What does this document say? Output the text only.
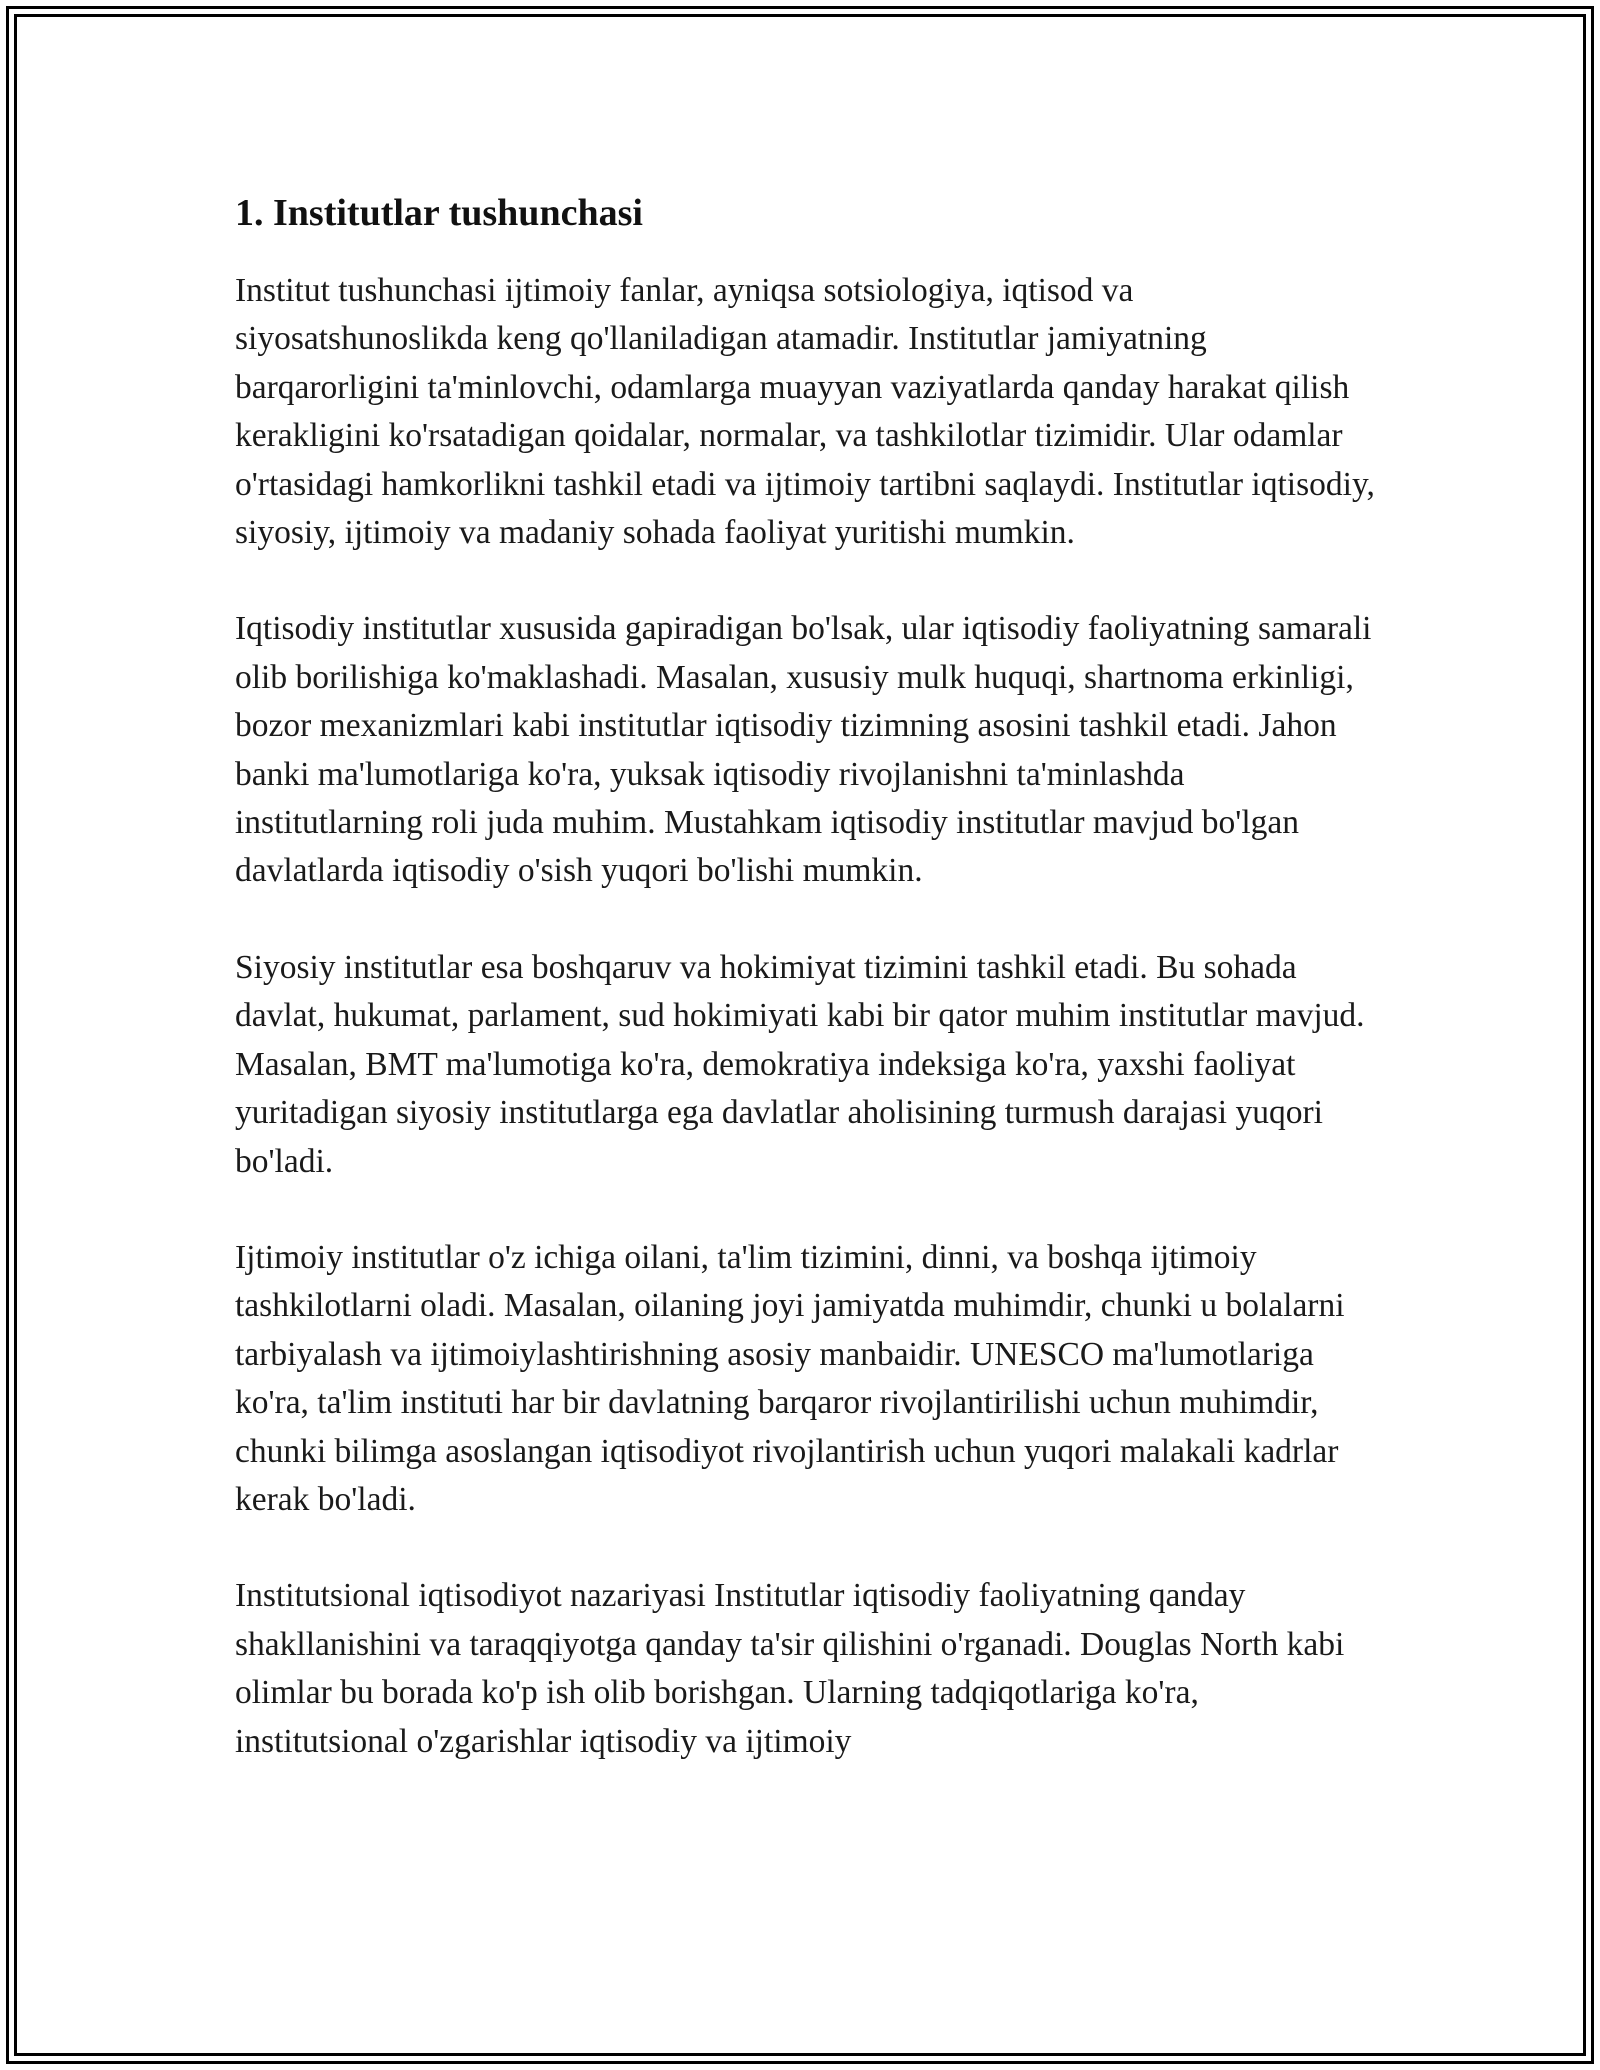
1. Institutlar tushunchasi

Institut tushunchasi ijtimoiy fanlar, ayniqsa sotsiologiya, iqtisod va siyosatshunoslikda keng qo'llaniladigan atamadir. Institutlar jamiyatning barqarorligini ta'minlovchi, odamlarga muayyan vaziyatlarda qanday harakat qilish kerakligini ko'rsatadigan qoidalar, normalar, va tashkilotlar tizimidir. Ular odamlar o'rtasidagi hamkorlikni tashkil etadi va ijtimoiy tartibni saqlaydi. Institutlar iqtisodiy, siyosiy, ijtimoiy va madaniy sohada faoliyat yuritishi mumkin.

Iqtisodiy institutlar xususida gapiradigan bo'lsak, ular iqtisodiy faoliyatning samarali olib borilishiga ko'maklashadi. Masalan, xususiy mulk huquqi, shartnoma erkinligi, bozor mexanizmlari kabi institutlar iqtisodiy tizimning asosini tashkil etadi. Jahon banki ma'lumotlariga ko'ra, yuksak iqtisodiy rivojlanishni ta'minlashda institutlarning roli juda muhim. Mustahkam iqtisodiy institutlar mavjud bo'lgan davlatlarda iqtisodiy o'sish yuqori bo'lishi mumkin.

Siyosiy institutlar esa boshqaruv va hokimiyat tizimini tashkil etadi. Bu sohada davlat, hukumat, parlament, sud hokimiyati kabi bir qator muhim institutlar mavjud. Masalan, BMT ma'lumotiga ko'ra, demokratiya indeksiga ko'ra, yaxshi faoliyat yuritadigan siyosiy institutlarga ega davlatlar aholisining turmush darajasi yuqori bo'ladi.

Ijtimoiy institutlar o'z ichiga oilani, ta'lim tizimini, dinni, va boshqa ijtimoiy tashkilotlarni oladi. Masalan, oilaning joyi jamiyatda muhimdir, chunki u bolalarni tarbiyalash va ijtimoiylashtirishning asosiy manbaidir. UNESCO ma'lumotlariga ko'ra, ta'lim instituti har bir davlatning barqaror rivojlantirilishi uchun muhimdir, chunki bilimga asoslangan iqtisodiyot rivojlantirish uchun yuqori malakali kadrlar kerak bo'ladi.

Institutsional iqtisodiyot nazariyasi Institutlar iqtisodiy faoliyatning qanday shakllanishini va taraqqiyotga qanday ta'sir qilishini o'rganadi. Douglas North kabi olimlar bu borada ko'p ish olib borishgan. Ularning tadqiqotlariga ko'ra, institutsional o'zgarishlar iqtisodiy va ijtimoiy
